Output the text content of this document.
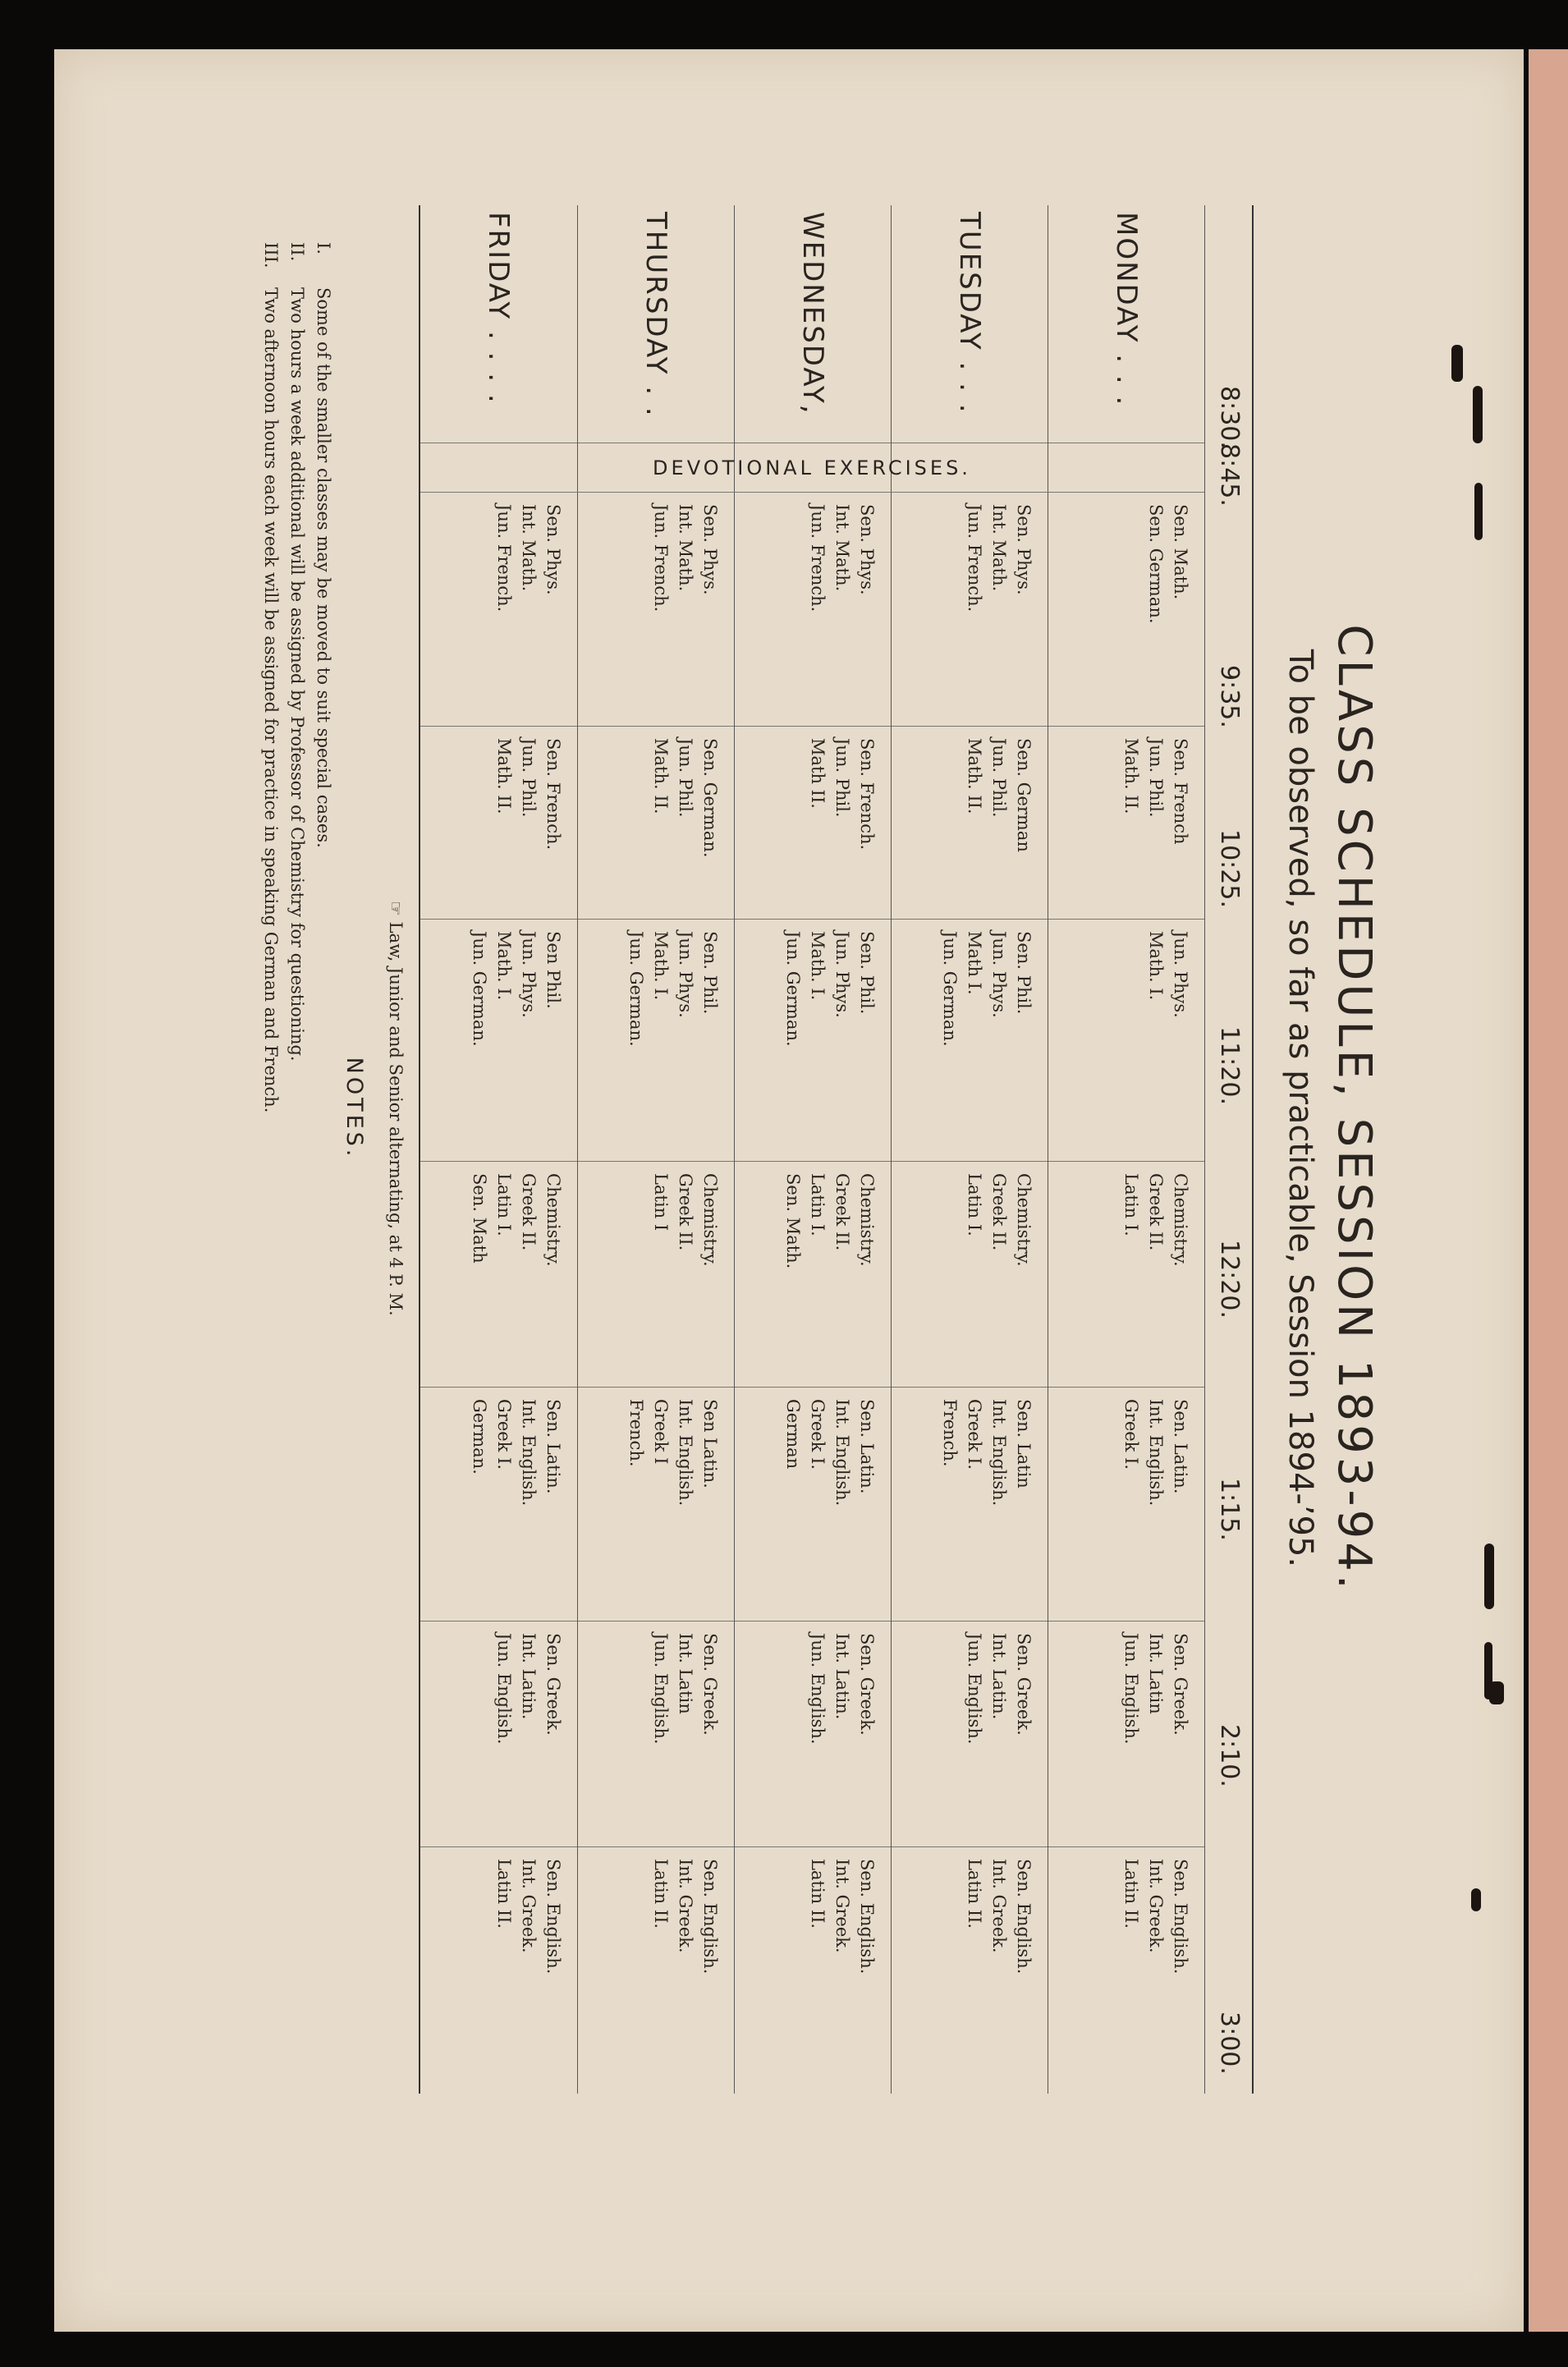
CLASS SCHEDULE, SESSION 1893-94.
To be observed, so far as practicable, Session 1894-’95.
8:30.
8:45.
9:35.
10:25.
11:20.
12:20.
1:15.
2:10.
3:00.
MONDAY . . .
Sen. Math.
Sen. German.
Sen. French
Jun. Phil.
Math. II.
Jun. Phys.
Math. I.
Chemistry.
Greek II.
Latin I.
Sen. Latin.
Int. English.
Greek I.
Sen. Greek.
Int. Latin
Jun. English.
Sen. English.
Int. Greek.
Latin II.
TUESDAY . . .
Sen. Phys.
Int. Math.
Jun. French.
Sen. German
Jun. Phil.
Math. II.
Sen. Phil.
Jun. Phys.
Math I.
Jun. German.
Chemistry.
Greek II.
Latin I.
Sen. Latin
Int. English.
Greek I.
French.
Sen. Greek.
Int. Latin.
Jun. English.
Sen. English.
Int. Greek.
Latin II.
WEDNESDAY,
Sen. Phys.
Int. Math.
Jun. French.
Sen. French.
Jun. Phil.
Math II.
Sen. Phil.
Jun. Phys.
Math. I.
Jun. German.
Chemistry.
Greek II.
Latin I.
Sen. Math.
Sen. Latin.
Int. English.
Greek I.
German
Sen. Greek.
Int. Latin.
Jun. English.
Sen. English.
Int. Greek.
Latin II.
THURSDAY . .
Sen. Phys.
Int. Math.
Jun. French.
Sen. German.
Jun. Phil.
Math. II.
Sen. Phil.
Jun. Phys.
Math. I.
Jun. German.
Chemistry.
Greek II.
Latin I
Sen Latin.
Int. English.
Greek I
French.
Sen. Greek.
Int. Latin
Jun. English.
Sen. English.
Int. Greek.
Latin II.
FRIDAY . . . .
Sen. Phys.
Int. Math.
Jun. French.
Sen. French.
Jun. Phil.
Math. II.
Sen Phil.
Jun. Phys.
Math. I.
Jun. German.
Chemistry.
Greek II.
Latin I.
Sen. Math
Sen. Latin.
Int. English.
Greek I.
German.
Sen. Greek.
Int. Latin.
Jun. English.
Sen. English.
Int. Greek.
Latin II.
DEVOTIONAL EXERCISES.
☞ Law, Junior and Senior alternating, at 4 P. M.
NOTES.
I.Some of the smaller classes may be moved to suit special cases.
II.Two hours a week additional will be assigned by Professor of Chemistry for questioning.
III.Two afternoon hours each week will be assigned for practice in speaking German and French.
